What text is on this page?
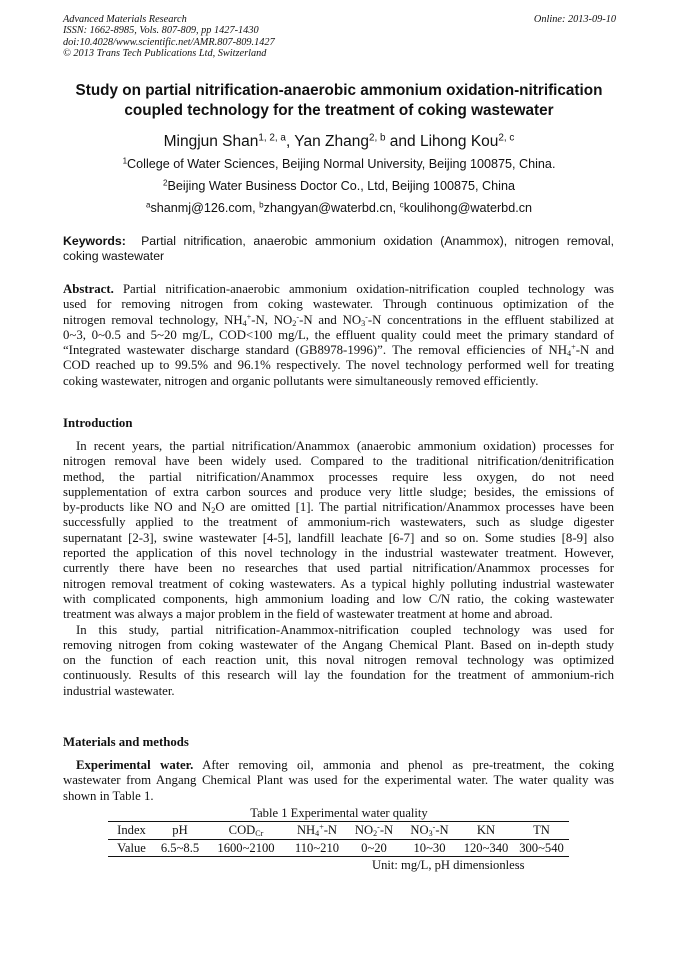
Advanced Materials Research
ISSN: 1662-8985, Vols. 807-809, pp 1427-1430
doi:10.4028/www.scientific.net/AMR.807-809.1427
© 2013 Trans Tech Publications Ltd, Switzerland
Online: 2013-09-10
Study on partial nitrification-anaerobic ammonium oxidation-nitrification
coupled technology for the treatment of coking wastewater
Mingjun Shan$^{1, 2, a}$, Yan Zhang$^{2, b}$ and Lihong Kou$^{2, c}$
$^1$College of Water Sciences, Beijing Normal University, Beijing 100875, China.
$^2$Beijing Water Business Doctor Co., Ltd, Beijing 100875, China
$^a$shanmj@126.com, $^b$zhangyan@waterbd.cn, $^c$koulihong@waterbd.cn
Keywords: Partial nitrification, anaerobic ammonium oxidation (Anammox), nitrogen removal,
coking wastewater
Abstract. Partial nitrification-anaerobic ammonium oxidation-nitrification coupled technology was
used for removing nitrogen from coking wastewater. Through continuous optimization of the
nitrogen removal technology, $NH_4^+-N$, $NO_2^--N$ and $NO_3^--N$ concentrations in the effluent stabilized at
0~3, 0~0.5 and 5~20 mg/L, COD<100 mg/L, the effluent quality could meet the primary standard of
“Integrated wastewater discharge standard (GB8978-1996)”. The removal efficiencies of $NH_4^+-N$ and
COD reached up to 99.5% and 96.1% respectively. The novel technology performed well for treating
coking wastewater, nitrogen and organic pollutants were simultaneously removed efficiently.
Introduction
In recent years, the partial nitrification/Anammox (anaerobic ammonium oxidation) processes for
nitrogen removal have been widely used. Compared to the traditional nitrification/denitrification
method, the partial nitrification/Anammox processes require less oxygen, do not need
supplementation of extra carbon sources and produce very little sludge; besides, the emissions of
by-products like NO and $N_2O$ are omitted [1]. The partial nitrification/Anammox processes have been
successfully applied to the treatment of ammonium-rich wastewaters, such as sludge digester
supernatant [2-3], swine wastewater [4-5], landfill leachate [6-7] and so on. Some studies [8-9] also
reported the application of this novel technology in the industrial wastewater treatment. However,
currently there have been no researches that used partial nitrification/Anammox processes for
nitrogen removal treatment of coking wastewaters. As a typical highly polluting industrial wastewater
with complicated components, high ammonium loading and low C/N ratio, the coking wastewater
treatment was always a major problem in the field of wastewater treatment at home and abroad.
In this study, partial nitrification-Anammox-nitrification coupled technology was used for
removing nitrogen from coking wastewater of the Angang Chemical Plant. Based on in-depth study
on the function of each reaction unit, this noval nitrogen removal technology was optimized
continuously. Results of this research will lay the foundation for the treatment of ammonium-rich
industrial wastewater.
Materials and methods
Experimental water. After removing oil, ammonia and phenol as pre-treatment, the coking
wastewater from Angang Chemical Plant was used for the experimental water. The water quality was
shown in Table 1.
Table 1 Experimental water quality
Index	pH	$COD_{Cr}$	$NH_4^+-N$	$NO_2^--N$	$NO_3^--N$	KN	TN
Value	6.5~8.5	1600~2100	110~210	0~20	10~30	120~340	300~540
Unit: mg/L, pH dimensionless
